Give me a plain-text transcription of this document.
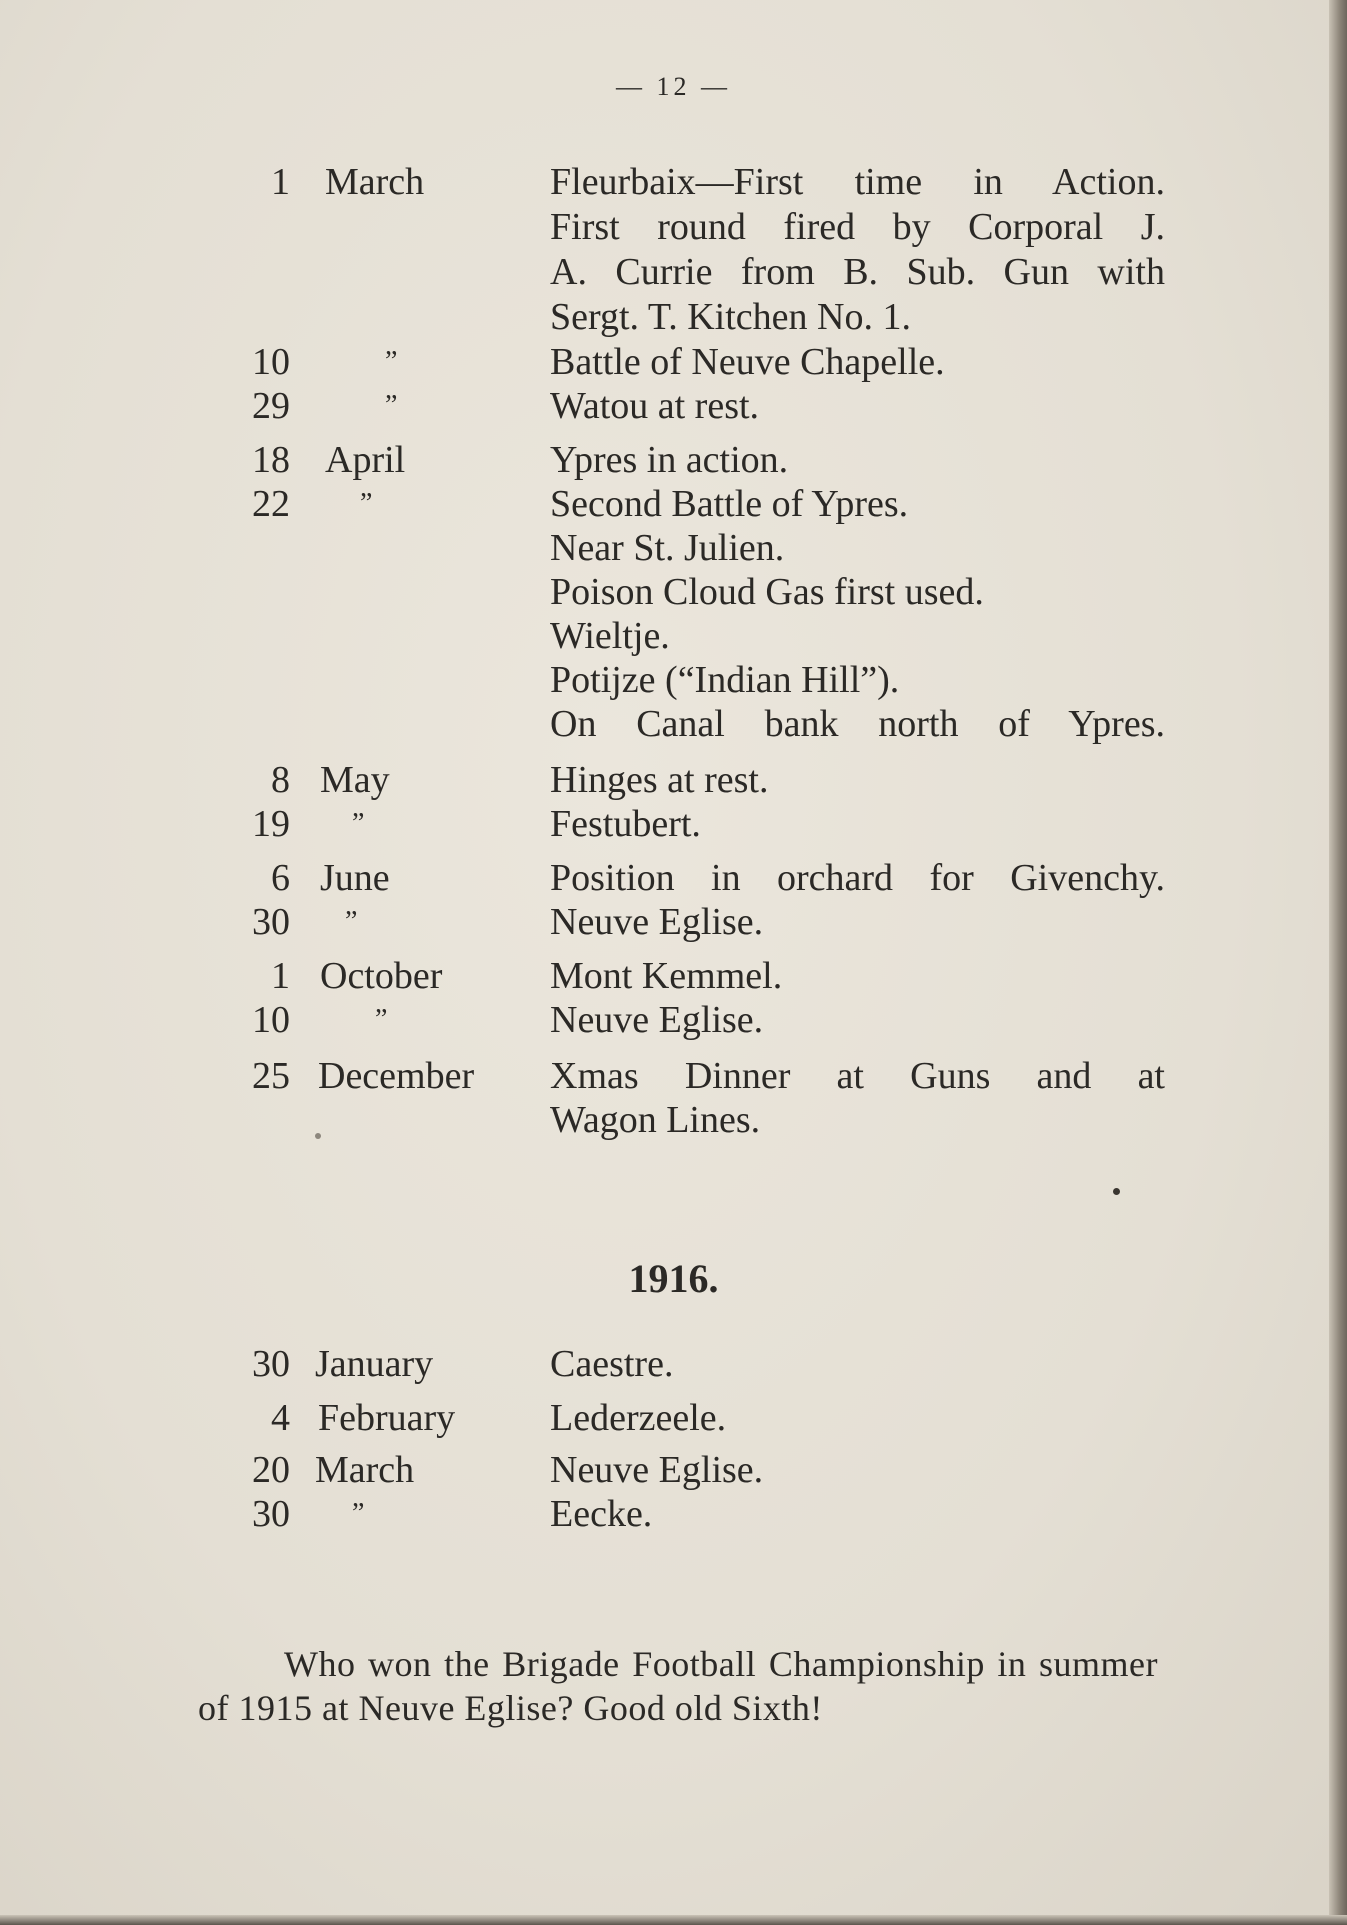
— 12 —
1 March	Fleurbaix—First time in Action.
First round fired by Corporal J.
A. Currie from B. Sub. Gun with
Sergt. T. Kitchen No. 1.
10	”	Battle of Neuve Chapelle.
29	”	Watou at rest.
18 April	Ypres in action.
22	”	Second Battle of Ypres.
Near St. Julien.
Poison Cloud Gas first used.
Wieltje.
Potijze (“Indian Hill”).
On Canal bank north of Ypres.
8 May	Hinges at rest.
19 ”	Festubert.
6 June	Position in orchard for Givenchy.
30 ”	Neuve Eglise.
1 October	Mont Kemmel.
10	”	Neuve Eglise.
25 December Xmas Dinner at Guns and at
Wagon Lines.
1916.
30 January	Caestre.
4 February Lederzeele.
20 March	Neuve Eglise.
30 ”	Eecke.
Who won the Brigade Football Championship in summer of 1915 at Neuve Eglise? Good old Sixth!
